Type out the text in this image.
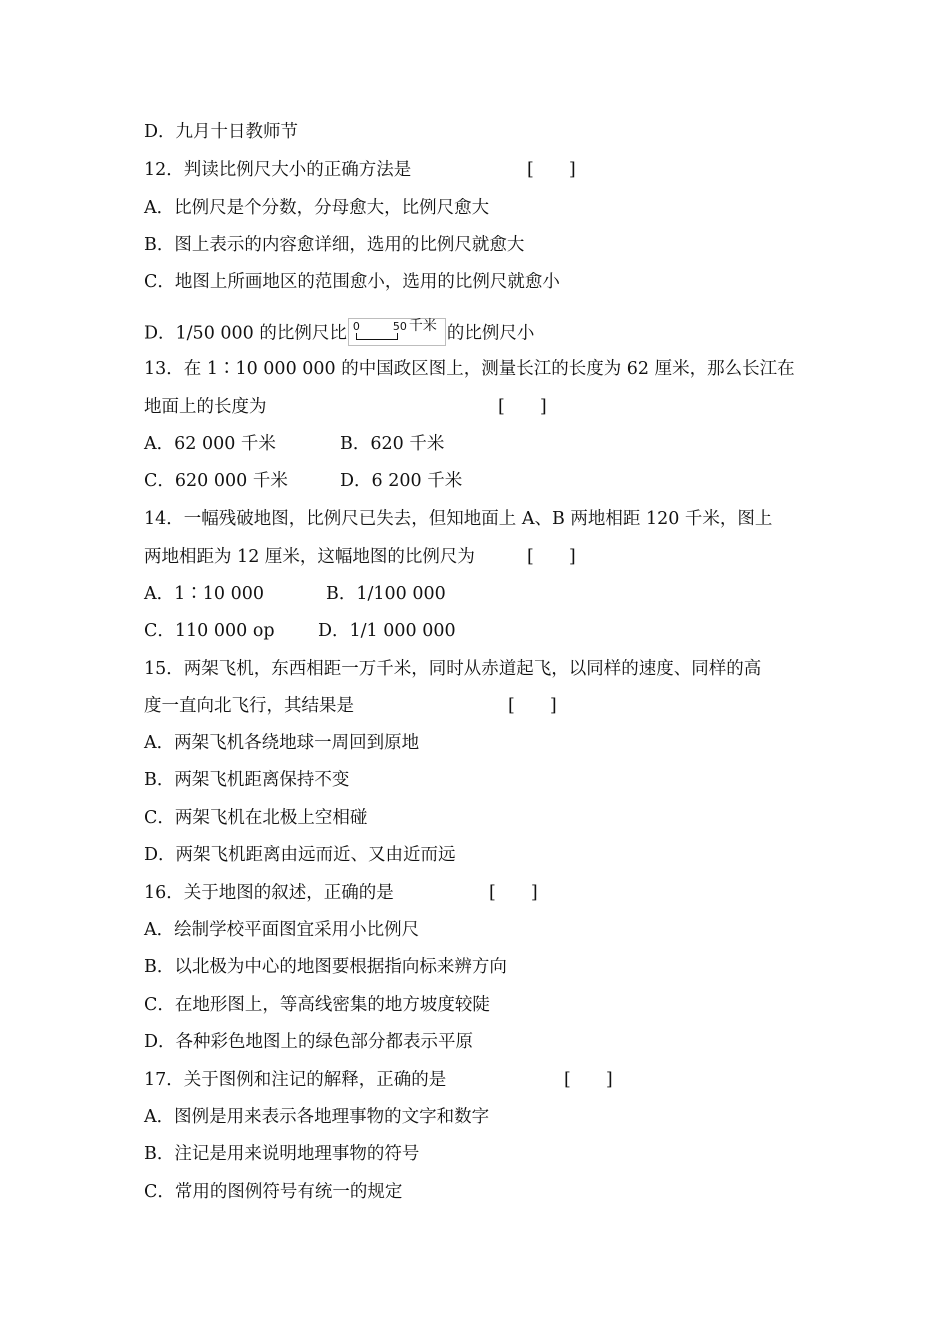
D．九月十日教师节
12．判读比例尺大小的正确方法是	[　　]
A．比例尺是个分数，分母愈大，比例尺愈大
B．图上表示的内容愈详细，选用的比例尺就愈大
C．地图上所画地区的范围愈小，选用的比例尺就愈小
D．1/50 000 的比例尺比 0	50 千米 的比例尺小
13．在 1∶10 000 000 的中国政区图上，测量长江的长度为 62 厘米，那么长江在
地面上的长度为	[　　]
A．62 000 千米	B．620 千米
C．620 000 千米	D．6 200 千米
14．一幅残破地图，比例尺已失去，但知地面上 A、B 两地相距 120 千米，图上
两地相距为 12 厘米，这幅地图的比例尺为	[　　]
A．1∶10 000	B．1/100 000
C．110 000 op D．1/1 000 000
15．两架飞机，东西相距一万千米，同时从赤道起飞，以同样的速度、同样的高
度一直向北飞行，其结果是	[　　]
A．两架飞机各绕地球一周回到原地
B．两架飞机距离保持不变
C．两架飞机在北极上空相碰
D．两架飞机距离由远而近、又由近而远
16．关于地图的叙述，正确的是	[　　]
A．绘制学校平面图宜采用小比例尺
B．以北极为中心的地图要根据指向标来辨方向
C．在地形图上，等高线密集的地方坡度较陡
D．各种彩色地图上的绿色部分都表示平原
17．关于图例和注记的解释，正确的是	[　　]
A．图例是用来表示各地理事物的文字和数字
B．注记是用来说明地理事物的符号
C．常用的图例符号有统一的规定
